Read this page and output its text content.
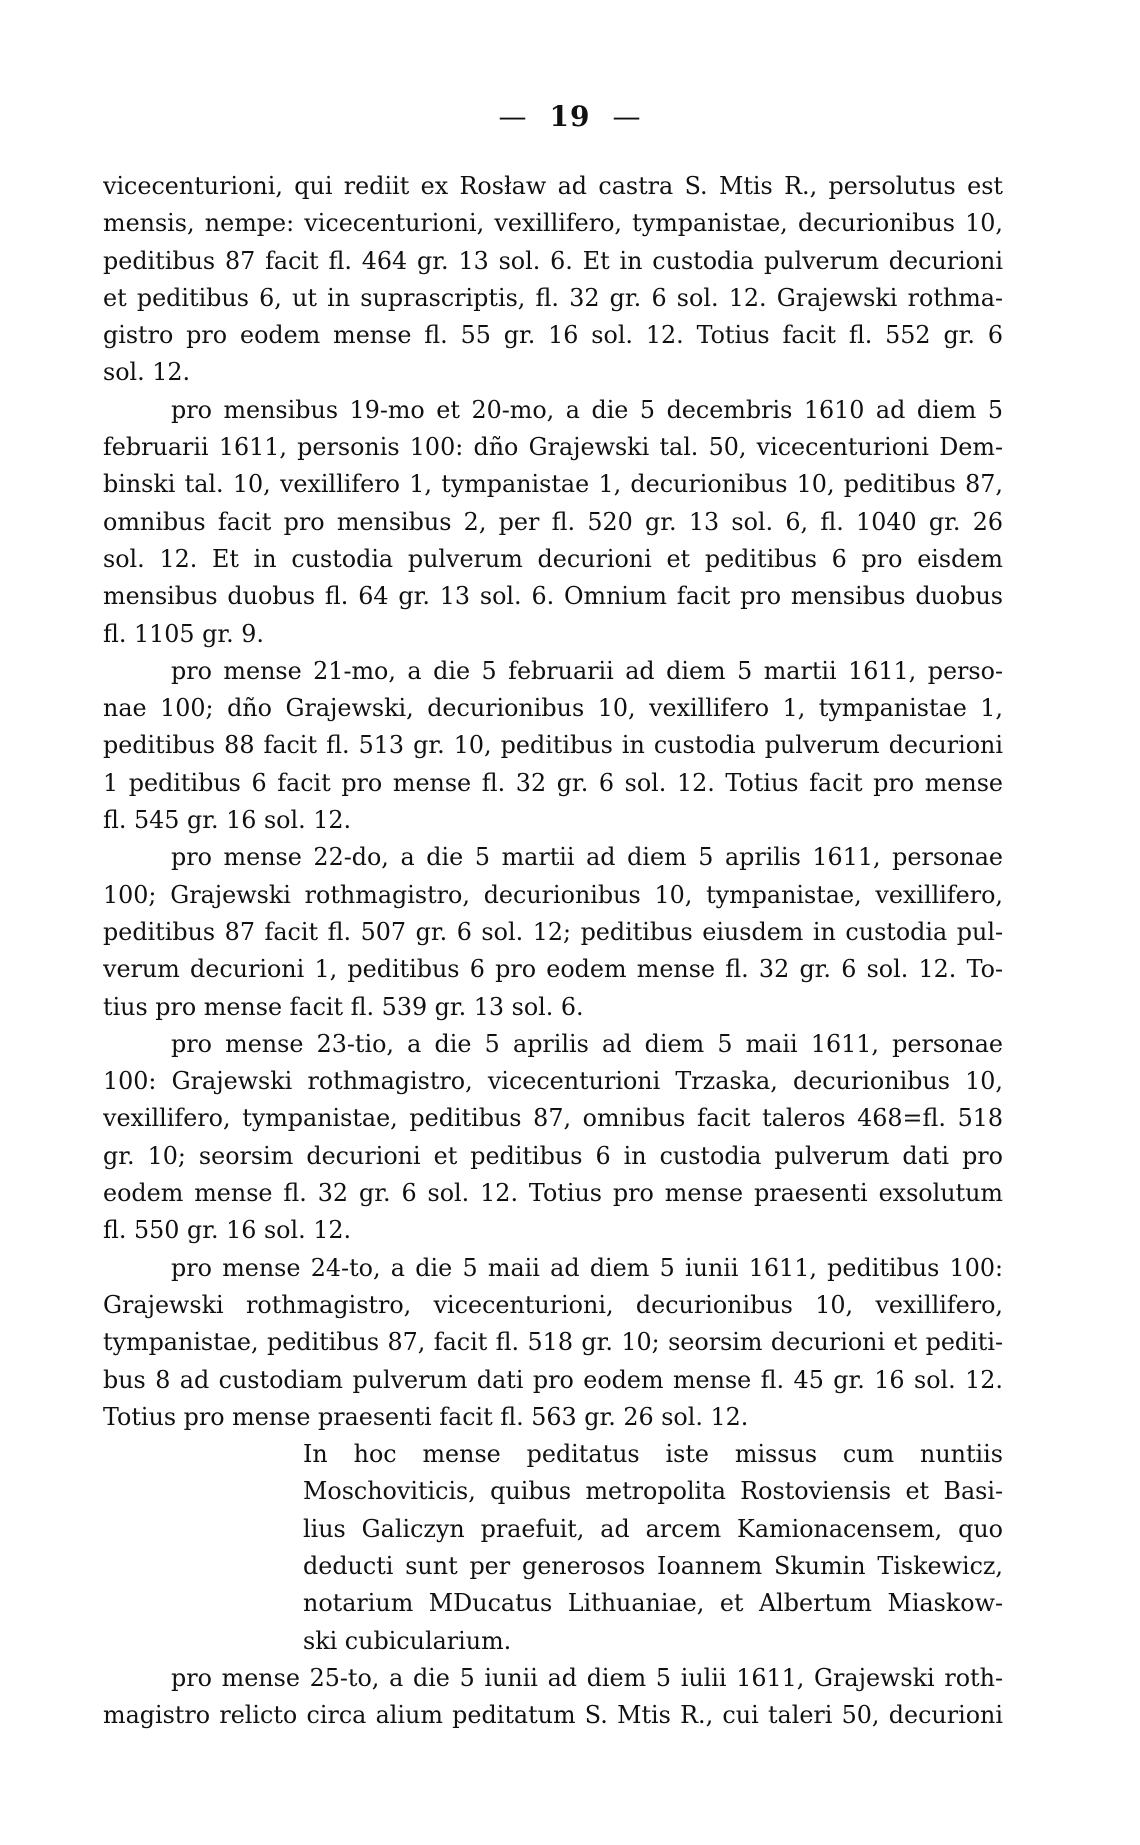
— 19 —
vicecenturioni, qui rediit ex Rosław ad castra S. Mtis R., persolutus est
mensis, nempe: vicecenturioni, vexillifero, tympanistae, decurionibus 10,
peditibus 87 facit fl. 464 gr. 13 sol. 6. Et in custodia pulverum decurioni
et peditibus 6, ut in suprascriptis, fl. 32 gr. 6 sol. 12. Grajewski rothma-
gistro pro eodem mense fl. 55 gr. 16 sol. 12. Totius facit fl. 552 gr. 6
sol. 12.
pro mensibus 19-mo et 20-mo, a die 5 decembris 1610 ad diem 5
februarii 1611, personis 100: dño Grajewski tal. 50, vicecenturioni Dem-
binski tal. 10, vexillifero 1, tympanistae 1, decurionibus 10, peditibus 87,
omnibus facit pro mensibus 2, per fl. 520 gr. 13 sol. 6, fl. 1040 gr. 26
sol. 12. Et in custodia pulverum decurioni et peditibus 6 pro eisdem
mensibus duobus fl. 64 gr. 13 sol. 6. Omnium facit pro mensibus duobus
fl. 1105 gr. 9.
pro mense 21-mo, a die 5 februarii ad diem 5 martii 1611, perso-
nae 100; dño Grajewski, decurionibus 10, vexillifero 1, tympanistae 1,
peditibus 88 facit fl. 513 gr. 10, peditibus in custodia pulverum decurioni
1 peditibus 6 facit pro mense fl. 32 gr. 6 sol. 12. Totius facit pro mense
fl. 545 gr. 16 sol. 12.
pro mense 22-do, a die 5 martii ad diem 5 aprilis 1611, personae
100; Grajewski rothmagistro, decurionibus 10, tympanistae, vexillifero,
peditibus 87 facit fl. 507 gr. 6 sol. 12; peditibus eiusdem in custodia pul-
verum decurioni 1, peditibus 6 pro eodem mense fl. 32 gr. 6 sol. 12. To-
tius pro mense facit fl. 539 gr. 13 sol. 6.
pro mense 23-tio, a die 5 aprilis ad diem 5 maii 1611, personae
100: Grajewski rothmagistro, vicecenturioni Trzaska, decurionibus 10,
vexillifero, tympanistae, peditibus 87, omnibus facit taleros 468=fl. 518
gr. 10; seorsim decurioni et peditibus 6 in custodia pulverum dati pro
eodem mense fl. 32 gr. 6 sol. 12. Totius pro mense praesenti exsolutum
fl. 550 gr. 16 sol. 12.
pro mense 24-to, a die 5 maii ad diem 5 iunii 1611, peditibus 100:
Grajewski rothmagistro, vicecenturioni, decurionibus 10, vexillifero,
tympanistae, peditibus 87, facit fl. 518 gr. 10; seorsim decurioni et pediti-
bus 8 ad custodiam pulverum dati pro eodem mense fl. 45 gr. 16 sol. 12.
Totius pro mense praesenti facit fl. 563 gr. 26 sol. 12.
In hoc mense peditatus iste missus cum nuntiis
Moschoviticis, quibus metropolita Rostoviensis et Basi-
lius Galiczyn praefuit, ad arcem Kamionacensem, quo
deducti sunt per generosos Ioannem Skumin Tiskewicz,
notarium MDucatus Lithuaniae, et Albertum Miaskow-
ski cubicularium.
pro mense 25-to, a die 5 iunii ad diem 5 iulii 1611, Grajewski roth-
magistro relicto circa alium peditatum S. Mtis R., cui taleri 50, decurioni
